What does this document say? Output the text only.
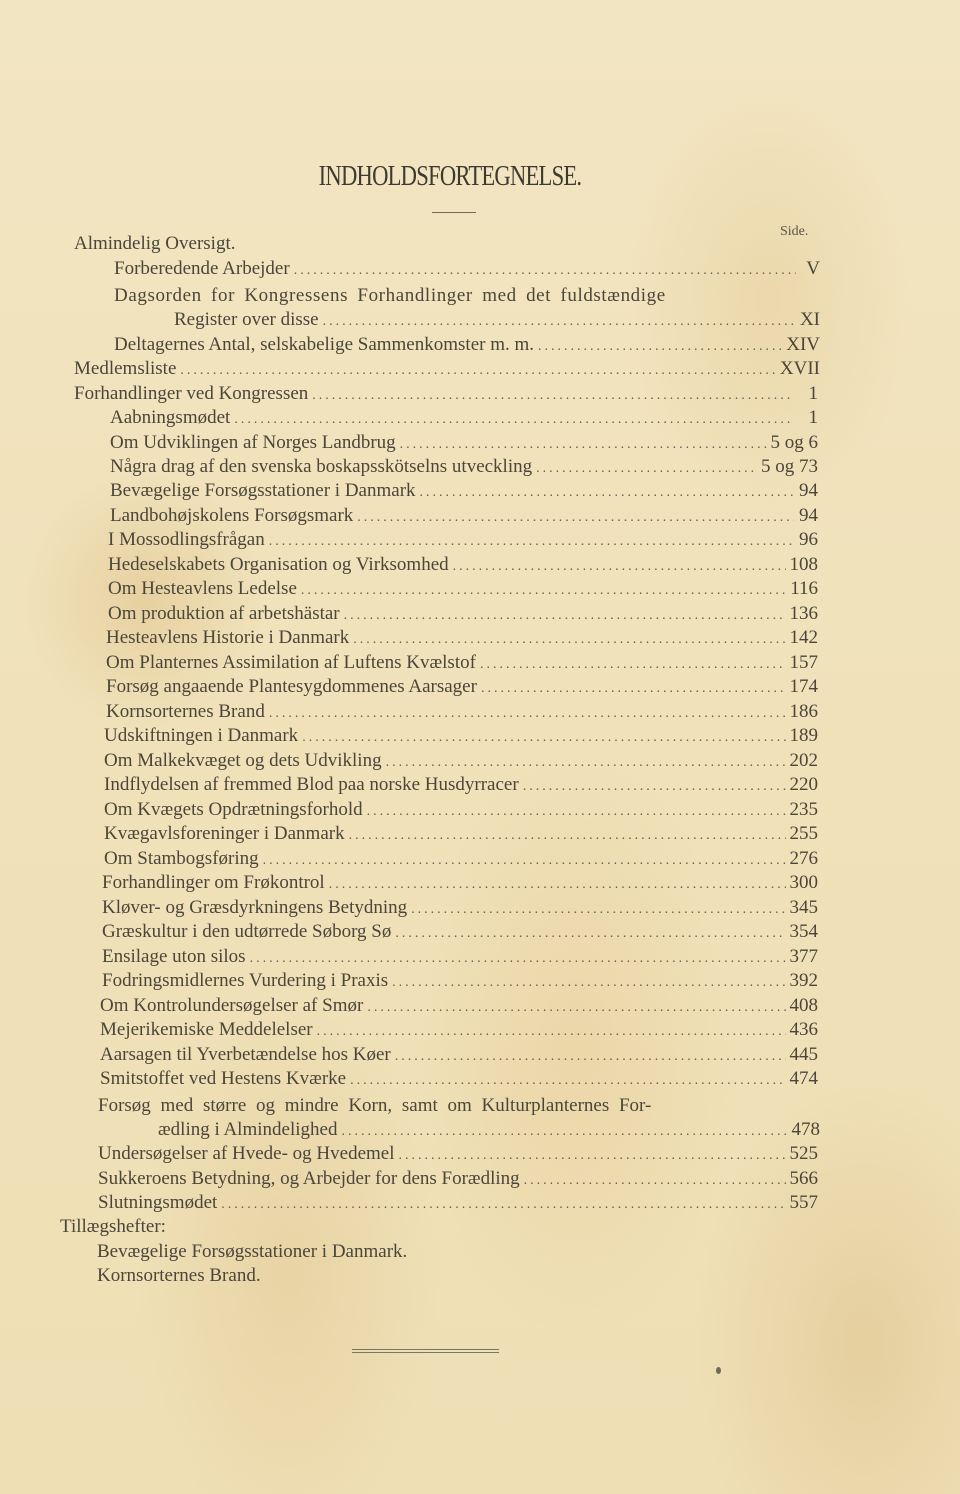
INDHOLDSFORTEGNELSE.
Side.
Almindelig Oversigt.
Forberedende Arbejder .....	V
Dagsorden for Kongressens Forhandlinger med det fuldstændige
Register over disse .....	XI
Deltagernes Antal, selskabelige Sammenkomster m. m. .....	XIV
Medlemsliste .....	XVII
Forhandlinger ved Kongressen .....	1
Aabningsmødet .....	1
Om Udviklingen af Norges Landbrug .....	5 og 6
Några drag af den svenska boskapsskötselns utveckling .....	5 og 73
Bevægelige Forsøgsstationer i Danmark .....	94
Landbohøjskolens Forsøgsmark .....	94
I Mossodlingsfrågan .....	96
Hedeselskabets Organisation og Virksomhed .....	108
Om Hesteavlens Ledelse .....	116
Om produktion af arbetshästar .....	136
Hesteavlens Historie i Danmark .....	142
Om Planternes Assimilation af Luftens Kvælstof .....	157
Forsøg angaaende Plantesygdommenes Aarsager .....	174
Kornsorternes Brand .....	186
Udskiftningen i Danmark .....	189
Om Malkekvæget og dets Udvikling .....	202
Indflydelsen af fremmed Blod paa norske Husdyrracer .....	220
Om Kvægets Opdrætningsforhold .....	235
Kvægavlsforeninger i Danmark .....	255
Om Stambogsføring .....	276
Forhandlinger om Frøkontrol .....	300
Kløver- og Græsdyrkningens Betydning .....	345
Græskultur i den udtørrede Søborg Sø .....	354
Ensilage uton silos .....	377
Fodringsmidlernes Vurdering i Praxis .....	392
Om Kontrolundersøgelser af Smør .....	408
Mejerikemiske Meddelelser .....	436
Aarsagen til Yverbetændelse hos Køer .....	445
Smitstoffet ved Hestens Kværke .....	474
Forsøg med større og mindre Korn, samt om Kulturplanternes For-
ædling i Almindelighed .....	478
Undersøgelser af Hvede- og Hvedemel .....	525
Sukkeroens Betydning, og Arbejder for dens Forædling .....	566
Slutningsmødet .....	557
Tillægshefter:
Bevægelige Forsøgsstationer i Danmark.
Kornsorternes Brand.
